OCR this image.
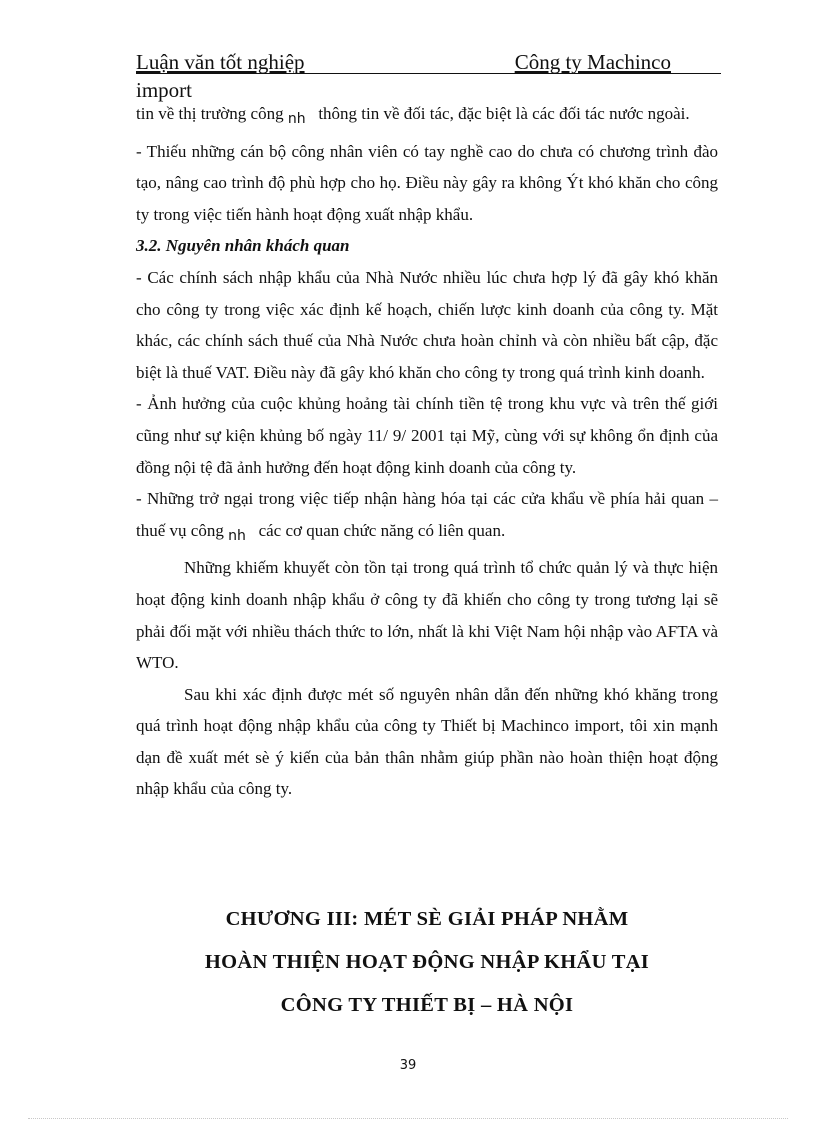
Luận văn tốt nghiệp	Công ty Machinco
import

tin về thị trường công $_{nh}$ thông tin về đối tác, đặc biệt là các đối tác nước ngoài.

- Thiếu những cán bộ công nhân viên có tay nghề cao do chưa có chương trình đào tạo, nâng cao trình độ phù hợp cho họ. Điều này gây ra không Ýt khó khăn cho công ty trong việc tiến hành hoạt động xuất nhập khẩu.

3.2. Nguyên nhân khách quan

- Các chính sách nhập khẩu của Nhà Nước nhiều lúc chưa hợp lý đã gây khó khăn cho công ty trong việc xác định kế hoạch, chiến lược kinh doanh của công ty. Mặt khác, các chính sách thuế của Nhà Nước chưa hoàn chỉnh và còn nhiều bất cập, đặc biệt là thuế VAT. Điều này đã gây khó khăn cho công ty trong quá trình kinh doanh.

- Ảnh hưởng của cuộc khủng hoảng tài chính tiền tệ trong khu vực và trên thế giới cũng như sự kiện khủng bố ngày 11/ 9/ 2001 tại Mỹ, cùng với sự không ổn định của đồng nội tệ đã ảnh hưởng đến hoạt động kinh doanh của công ty.

- Những trở ngại trong việc tiếp nhận hàng hóa tại các cửa khẩu về phía hải quan – thuế vụ công $_{nh}$ các cơ quan chức năng có liên quan.

Những khiếm khuyết còn tồn tại trong quá trình tổ chức quản lý và thực hiện hoạt động kinh doanh nhập khẩu ở công ty đã khiến cho công ty trong tương lại sẽ phải đối mặt với nhiều thách thức to lớn, nhất là khi Việt Nam hội nhập vào AFTA và WTO.

Sau khi xác định được mét số nguyên nhân dẫn đến những khó khăng trong quá trình hoạt động nhập khẩu của công ty Thiết bị Machinco import, tôi xin mạnh dạn đề xuất mét sè ý kiến của bản thân nhằm giúp phần nào hoàn thiện hoạt động nhập khẩu của công ty.

CHƯƠNG III: MÉT SÈ GIẢI PHÁP NHẰM
HOÀN THIỆN HOẠT ĐỘNG NHẬP KHẨU TẠI
CÔNG TY THIẾT BỊ – HÀ NỘI
39
